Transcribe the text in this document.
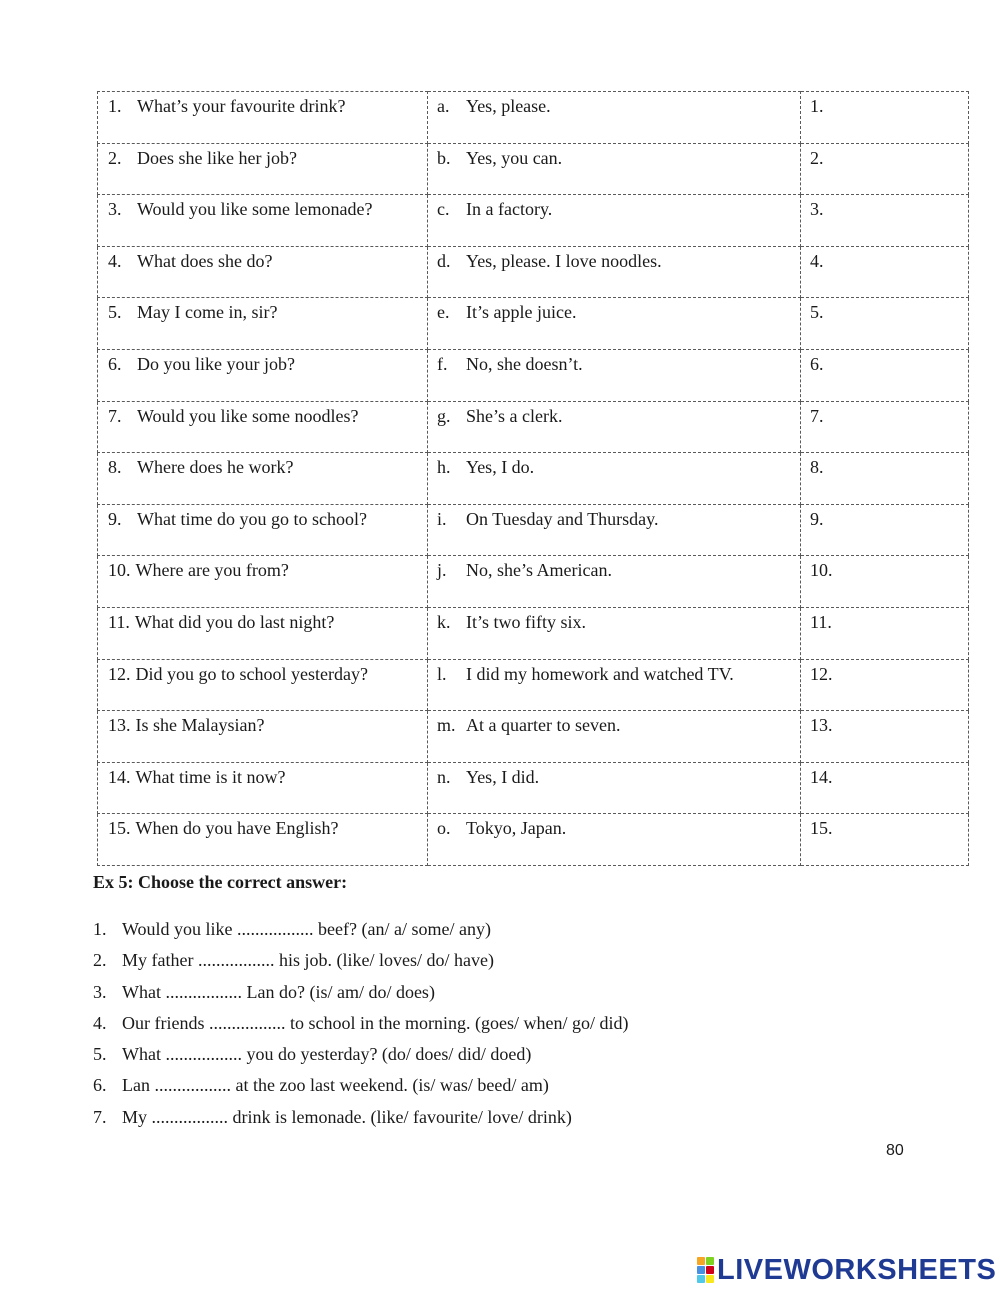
1. What’s your favourite drink?	a. Yes, please.	1.

2. Does she like her job?	b. Yes, you can.	2.

3. Would you like some lemonade?	c. In a factory.	3.

4. What does she do?	d. Yes, please. I love noodles.	4.

5. May I come in, sir?	e. It’s apple juice.	5.

6. Do you like your job?	f. No, she doesn’t.	6.

7. Would you like some noodles?	g. She’s a clerk.	7.

8. Where does he work?	h. Yes, I do.	8.

9. What time do you go to school?	i. On Tuesday and Thursday.	9.

10. Where are you from?	j. No, she’s American.	10.

11. What did you do last night?	k. It’s two fifty six.	11.

12. Did you go to school yesterday?	l. I did my homework and watched TV.	12.

13. Is she Malaysian?	m. At a quarter to seven.	13.

14. What time is it now?	n. Yes, I did.	14.

15. When do you have English?	o. Tokyo, Japan.	15.
Ex 5: Choose the correct answer:
1. Would you like ................. beef? (an/ a/ some/ any)
2. My father ................. his job. (like/ loves/ do/ have)
3. What ................. Lan do? (is/ am/ do/ does)
4. Our friends ................. to school in the morning. (goes/ when/ go/ did)
5. What ................. you do yesterday? (do/ does/ did/ doed)
6. Lan ................. at the zoo last weekend. (is/ was/ beed/ am)
7. My ................. drink is lemonade. (like/ favourite/ love/ drink)
80
LIVEWORKSHEETS
